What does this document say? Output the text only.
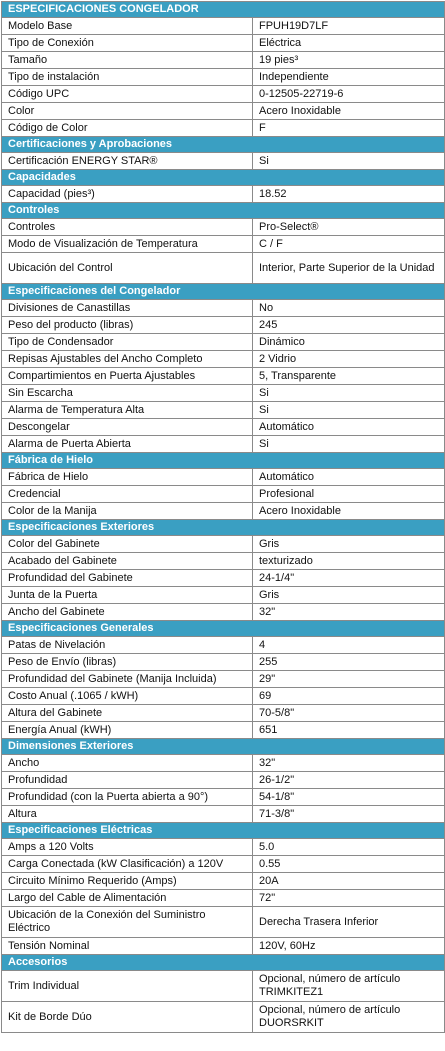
ESPECIFICACIONES CONGELADOR	
Modelo Base	FPUH19D7LF
Tipo de Conexión	Eléctrica
Tamaño	19 pies³
Tipo de instalación	Independiente
Código UPC	0-12505-22719-6
Color	Acero Inoxidable
Código de Color	F
Certificaciones y Aprobaciones	
Certificación ENERGY STAR®	Si
Capacidades	
Capacidad (pies³)	18.52
Controles	
Controles	Pro-Select®
Modo de Visualización de Temperatura	C / F
Ubicación del Control	Interior, Parte Superior de la Unidad
Especificaciones del Congelador	
Divisiones de Canastillas	No
Peso del producto (libras)	245
Tipo de Condensador	Dinámico
Repisas Ajustables del Ancho Completo	2 Vidrio
Compartimientos en Puerta Ajustables	5, Transparente
Sin Escarcha	Si
Alarma de Temperatura Alta	Si
Descongelar	Automático
Alarma de Puerta Abierta	Si
Fábrica de Hielo	
Fábrica de Hielo	Automático
Credencial	Profesional
Color de la Manija	Acero Inoxidable
Especificaciones Exteriores	
Color del Gabinete	Gris
Acabado del Gabinete	texturizado
Profundidad del Gabinete	24-1/4"
Junta de la Puerta	Gris
Ancho del Gabinete	32"
Especificaciones Generales	
Patas de Nivelación	4
Peso de Envío (libras)	255
Profundidad del Gabinete (Manija Incluida)	29"
Costo Anual (.1065 / kWH)	69
Altura del Gabinete	70-5/8"
Energía Anual (kWH)	651
Dimensiones Exteriores	
Ancho	32"
Profundidad	26-1/2"
Profundidad (con la Puerta abierta a 90°)	54-1/8"
Altura	71-3/8"
Especificaciones Eléctricas	
Amps a 120 Volts	5.0
Carga Conectada (kW Clasificación) a 120V	0.55
Circuito Mínimo Requerido (Amps)	20A
Largo del Cable de Alimentación	72"
Ubicación de la Conexión del Suministro Eléctrico	Derecha Trasera Inferior
Tensión Nominal	120V, 60Hz
Accesorios	
Trim Individual	Opcional, número de artículo TRIMKITEZ1
Kit de Borde Dúo	Opcional, número de artículo DUORSRKIT
